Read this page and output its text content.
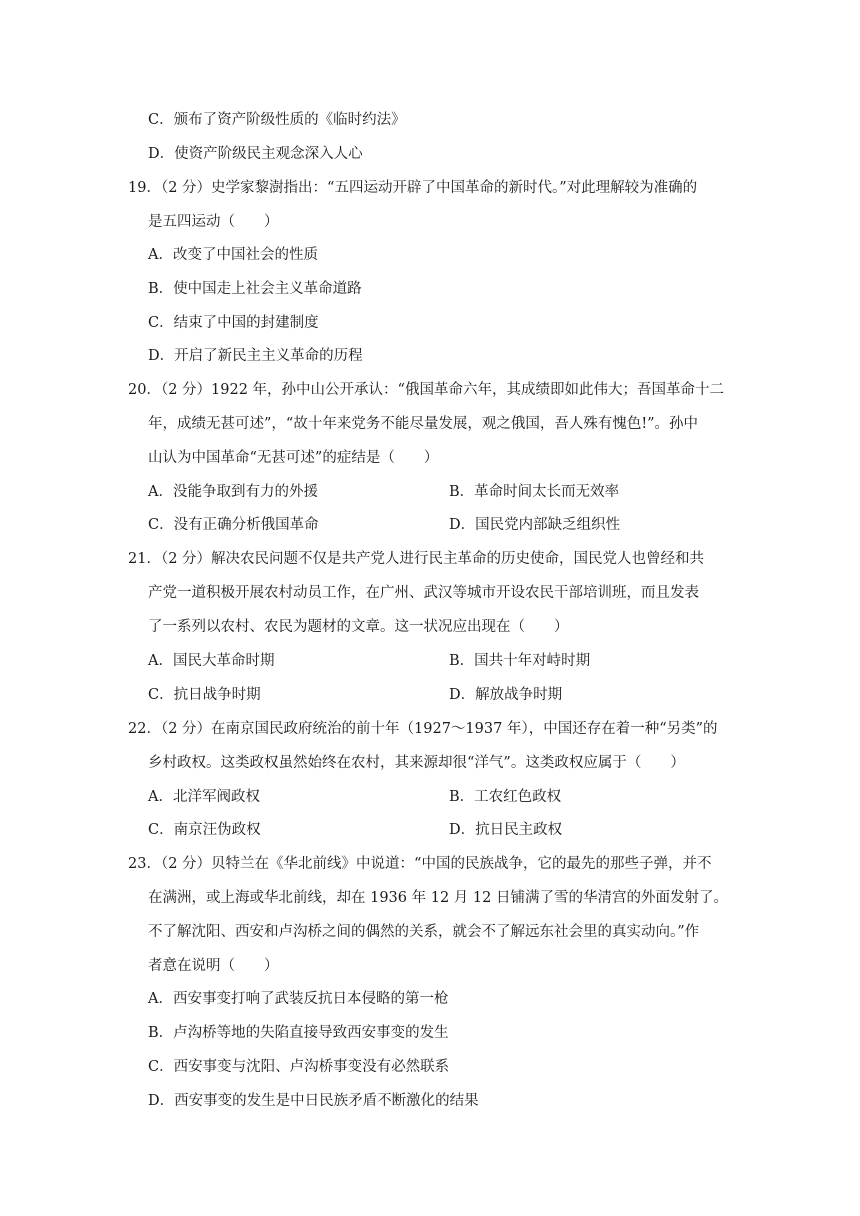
C．颁布了资产阶级性质的《临时约法》
D．使资产阶级民主观念深入人心
19．（2 分）史学家黎澍指出：“五四运动开辟了中国革命的新时代。”对此理解较为准确的
是五四运动（　　）
A．改变了中国社会的性质
B．使中国走上社会主义革命道路
C．结束了中国的封建制度
D．开启了新民主主义革命的历程
20．（2 分）1922 年，孙中山公开承认：“俄国革命六年，其成绩即如此伟大；吾国革命十二
年，成绩无甚可述”，“故十年来党务不能尽量发展，观之俄国，吾人殊有愧色!”。孙中
山认为中国革命“无甚可述”的症结是（　　）
A．没能争取到有力的外援	B．革命时间太长而无效率
C．没有正确分析俄国革命	D．国民党内部缺乏组织性
21．（2 分）解决农民问题不仅是共产党人进行民主革命的历史使命，国民党人也曾经和共
产党一道积极开展农村动员工作，在广州、武汉等城市开设农民干部培训班，而且发表
了一系列以农村、农民为题材的文章。这一状况应出现在（　　）
A．国民大革命时期	B．国共十年对峙时期
C．抗日战争时期	D．解放战争时期
22．（2 分）在南京国民政府统治的前十年（1927～1937 年），中国还存在着一种“另类”的
乡村政权。这类政权虽然始终在农村，其来源却很“洋气”。这类政权应属于（　　）
A．北洋军阀政权	B．工农红色政权
C．南京汪伪政权	D．抗日民主政权
23．（2 分）贝特兰在《华北前线》中说道：“中国的民族战争，它的最先的那些子弹，并不
在满洲，或上海或华北前线，却在 1936 年 12 月 12 日铺满了雪的华清宫的外面发射了。
不了解沈阳、西安和卢沟桥之间的偶然的关系，就会不了解远东社会里的真实动向。”作
者意在说明（　　）
A．西安事变打响了武装反抗日本侵略的第一枪
B．卢沟桥等地的失陷直接导致西安事变的发生
C．西安事变与沈阳、卢沟桥事变没有必然联系
D．西安事变的发生是中日民族矛盾不断激化的结果
